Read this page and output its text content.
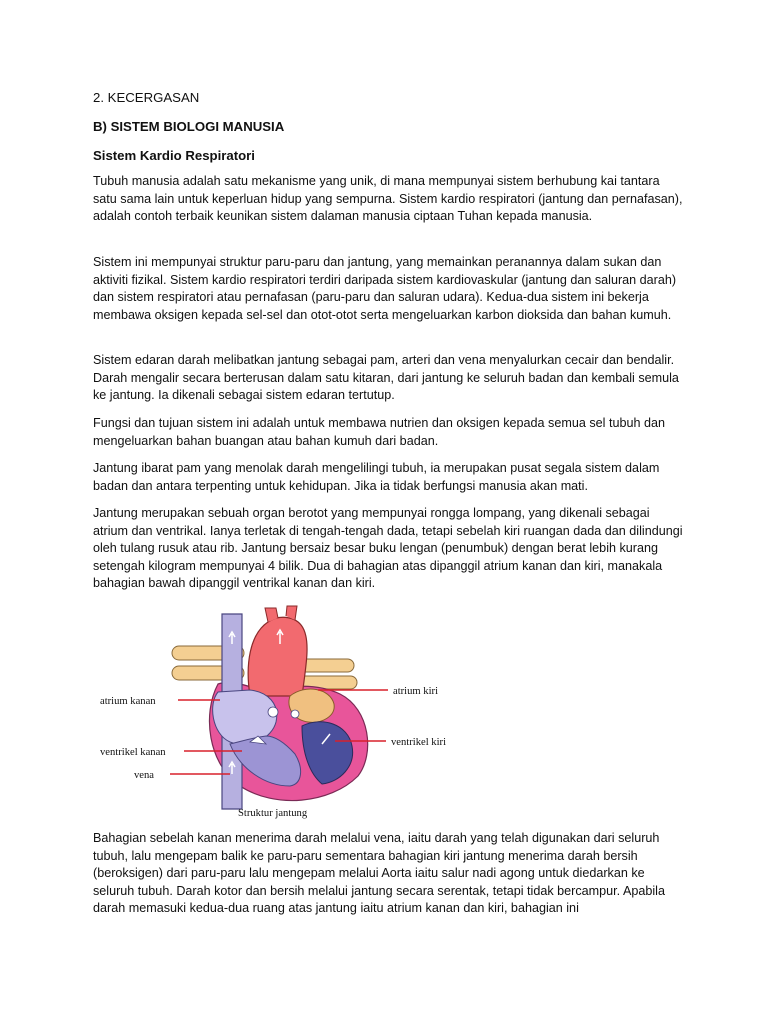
2. KECERGASAN
B) SISTEM BIOLOGI MANUSIA
Sistem Kardio Respiratori
Tubuh manusia adalah satu mekanisme yang unik, di mana mempunyai sistem berhubung kai tantara satu sama lain untuk keperluan hidup yang sempurna. Sistem kardio respiratori (jantung dan pernafasan), adalah contoh terbaik keunikan sistem dalaman manusia ciptaan Tuhan kepada manusia.
Sistem ini mempunyai struktur paru-paru dan jantung, yang memainkan peranannya dalam sukan dan aktiviti fizikal. Sistem kardio respiratori terdiri daripada sistem kardiovaskular (jantung dan saluran darah) dan sistem respiratori atau pernafasan (paru-paru dan saluran udara). Kedua-dua sistem ini bekerja membawa oksigen kepada sel-sel dan otot-otot serta mengeluarkan karbon dioksida dan bahan kumuh.
Sistem edaran darah melibatkan jantung sebagai pam, arteri dan vena menyalurkan cecair dan bendalir. Darah mengalir secara berterusan dalam satu kitaran, dari jantung ke seluruh badan dan kembali semula ke jantung. Ia dikenali sebagai sistem edaran tertutup.
Fungsi dan tujuan sistem ini adalah untuk membawa nutrien dan oksigen kepada semua sel tubuh dan mengeluarkan bahan buangan atau bahan kumuh dari badan.
Jantung ibarat pam yang menolak darah mengelilingi tubuh, ia merupakan pusat segala sistem dalam badan dan antara terpenting untuk kehidupan. Jika ia tidak berfungsi manusia akan mati.
Jantung merupakan sebuah organ berotot yang mempunyai rongga lompang, yang dikenali sebagai atrium dan ventrikal. Ianya terletak di tengah-tengah dada, tetapi sebelah kiri ruangan dada dan dilindungi oleh tulang rusuk atau rib. Jantung bersaiz besar buku lengan (penumbuk) dengan berat lebih kurang setengah kilogram mempunyai 4 bilik. Dua di bahagian atas dipanggil atrium kanan dan kiri, manakala bahagian bawah dipanggil ventrikal kanan dan kiri.
atrium kanan
ventrikel kanan
vena
atrium kiri
ventrikel kiri
Struktur jantung
Bahagian sebelah kanan menerima darah melalui vena, iaitu darah yang telah digunakan dari seluruh tubuh, lalu mengepam balik ke paru-paru sementara bahagian kiri jantung menerima darah bersih (beroksigen) dari paru-paru lalu mengepam melalui Aorta iaitu salur nadi agong untuk diedarkan ke seluruh tubuh. Darah kotor dan bersih melalui jantung secara serentak, tetapi tidak bercampur. Apabila darah memasuki kedua-dua ruang atas jantung iaitu atrium kanan dan kiri, bahagian ini
